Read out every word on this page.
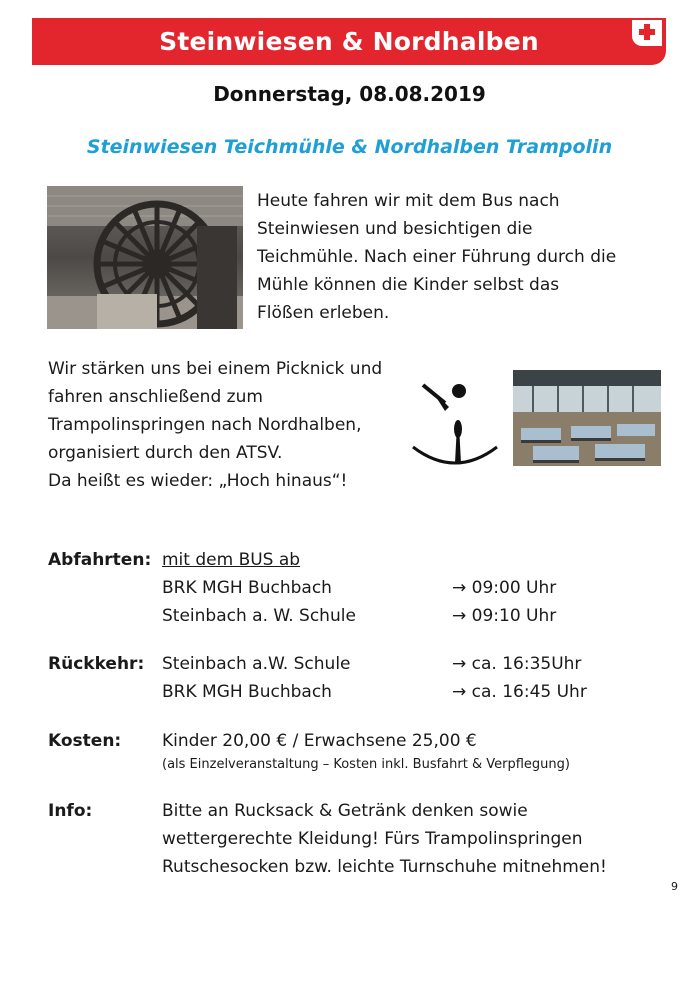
Steinwiesen & Nordhalben
Donnerstag, 08.08.2019
Steinwiesen Teichmühle & Nordhalben Trampolin
Heute fahren wir mit dem Bus nach
Steinwiesen und besichtigen die
Teichmühle. Nach einer Führung durch die
Mühle können die Kinder selbst das
Flößen erleben.
Wir stärken uns bei einem Picknick und
fahren anschließend zum
Trampolinspringen nach Nordhalben,
organisiert durch den ATSV.
Da heißt es wieder: „Hoch hinaus“!
Abfahrten: mit dem BUS ab
BRK MGH Buchbach	→ 09:00 Uhr
Steinbach a. W. Schule	→ 09:10 Uhr
Rückkehr: Steinbach a.W. Schule	→ ca. 16:35Uhr
BRK MGH Buchbach	→ ca. 16:45 Uhr
Kosten: Kinder 20,00 € / Erwachsene 25,00 €
(als Einzelveranstaltung – Kosten inkl. Busfahrt & Verpflegung)
Info:	Bitte an Rucksack & Getränk denken sowie
wettergerechte Kleidung! Fürs Trampolinspringen
Rutschesocken bzw. leichte Turnschuhe mitnehmen!
9
